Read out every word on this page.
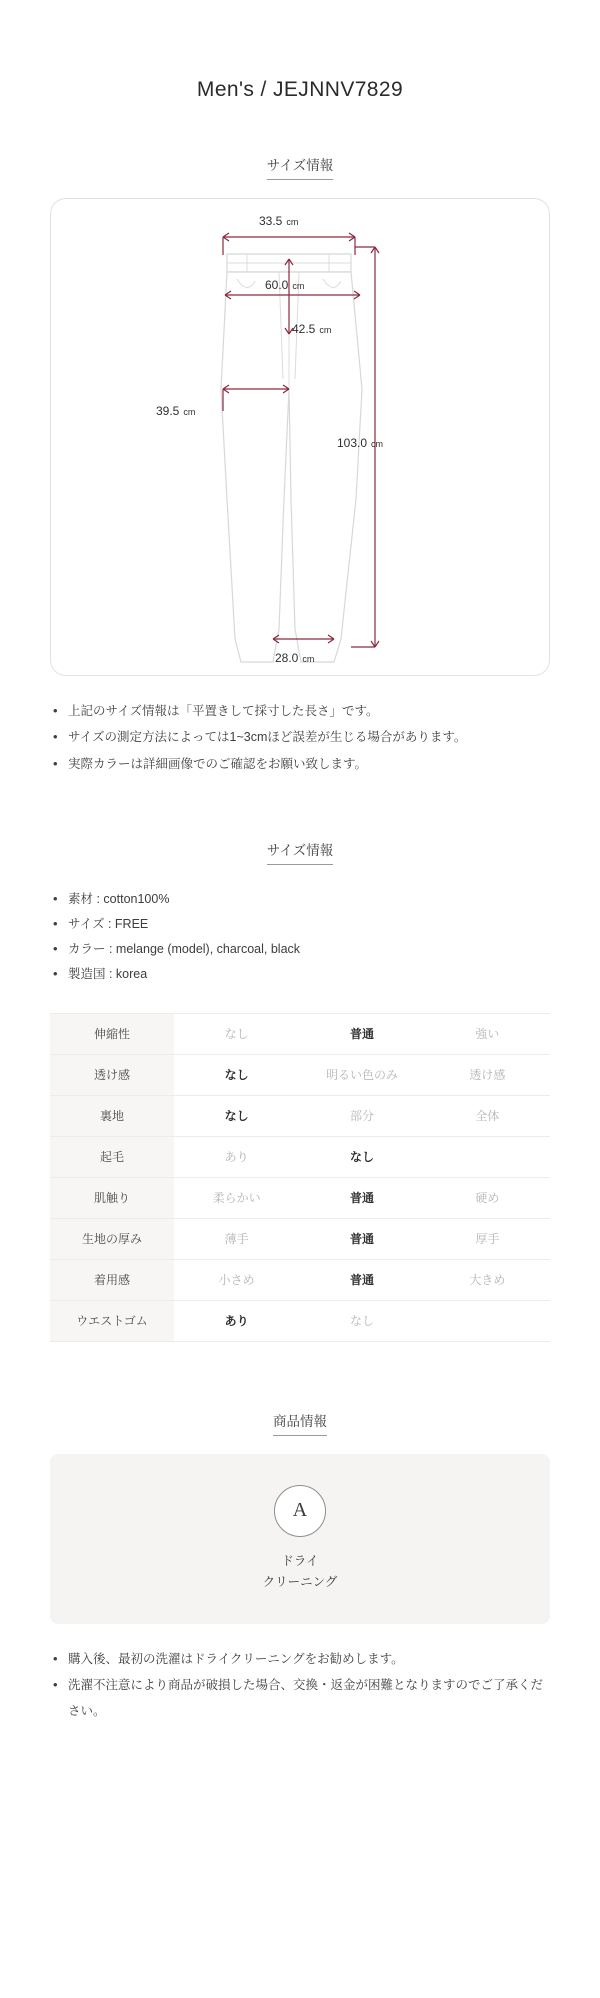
Men's / JEJNNV7829
サイズ情報
33.5 cm
60.0 cm
42.5 cm
39.5 cm
103.0 cm
28.0 cm
• 上記のサイズ情報は「平置きして採寸した長さ」です。
• サイズの測定方法によっては1~3cmほど誤差が生じる場合があります。
• 実際カラーは詳細画像でのご確認をお願い致します。
サイズ情報
• 素材 : cotton100%
• サイズ : FREE
• カラー : melange (model), charcoal, black
• 製造国 : korea
伸縮性	なし	普通	強い
透け感	なし	明るい色のみ	透け感
裏地	なし	部分	全体
起毛	あり	なし	
肌触り	柔らかい	普通	硬め
生地の厚み	薄手	普通	厚手
着用感	小さめ	普通	大きめ
ウエストゴム	あり	なし	
商品情報
A
ドライ
クリーニング
• 購入後、最初の洗濯はドライクリーニングをお勧めします。
• 洗濯不注意により商品が破損した場合、交換・返金が困難となりますのでご了承ください。
